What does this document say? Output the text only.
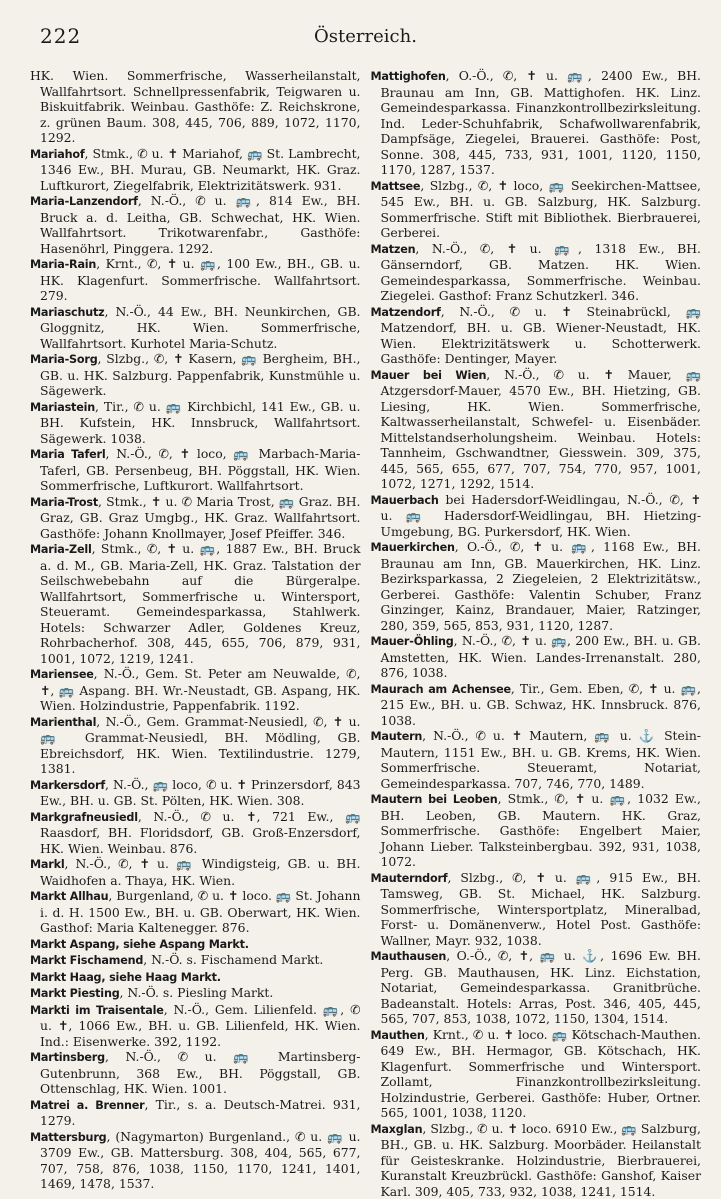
222	Österreich.

HK. Wien. Sommerfrische, Wasserheilanstalt, Wallfahrtsort. Schnellpressenfabrik, Teigwaren u. Biskuitfabrik. Weinbau. Gasthöfe: Z. Reichskrone, z. grünen Baum. 308, 445, 706, 889, 1072, 1170, 1292.

Mariahof, Stmk., ✆ u. ✝ Mariahof, 🚌 St. Lambrecht, 1346 Ew., BH. Murau, GB. Neumarkt, HK. Graz. Luftkurort, Ziegelfabrik, Elektrizitätswerk. 931.

Maria-Lanzendorf, N.-Ö., ✆ u. 🚌, 814 Ew., BH. Bruck a. d. Leitha, GB. Schwechat, HK. Wien. Wallfahrtsort. Trikotwarenfabr., Gasthöfe: Hasenöhrl, Pinggera. 1292.

Maria-Rain, Krnt., ✆, ✝ u. 🚌, 100 Ew., BH., GB. u. HK. Klagenfurt. Sommerfrische. Wallfahrtsort. 279.

Mariaschutz, N.-Ö., 44 Ew., BH. Neunkirchen, GB. Gloggnitz, HK. Wien. Sommerfrische, Wallfahrtsort. Kurhotel Maria-Schutz.

Maria-Sorg, Slzbg., ✆, ✝ Kasern, 🚌 Bergheim, BH., GB. u. HK. Salzburg. Pappenfabrik, Kunstmühle u. Sägewerk.

Mariastein, Tir., ✆ u. 🚌 Kirchbichl, 141 Ew., GB. u. BH. Kufstein, HK. Innsbruck, Wallfahrtsort. Sägewerk. 1038.

Maria Taferl, N.-Ö., ✆, ✝ loco, 🚌 Marbach-Maria-Taferl, GB. Persenbeug, BH. Pöggstall, HK. Wien. Sommerfrische, Luftkurort. Wallfahrtsort.

Maria-Trost, Stmk., ✝ u. ✆ Maria Trost, 🚌 Graz. BH. Graz, GB. Graz Umgbg., HK. Graz. Wallfahrtsort. Gasthöfe: Johann Knollmayer, Josef Pfeiffer. 346.

Maria-Zell, Stmk., ✆, ✝ u. 🚌, 1887 Ew., BH. Bruck a. d. M., GB. Maria-Zell, HK. Graz. Talstation der Seilschwebebahn auf die Bürgeralpe. Wallfahrtsort, Sommerfrische u. Wintersport, Steueramt. Gemeindesparkassa, Stahlwerk. Hotels: Schwarzer Adler, Goldenes Kreuz, Rohrbacherhof. 308, 445, 655, 706, 879, 931, 1001, 1072, 1219, 1241.

Mariensee, N.-Ö., Gem. St. Peter am Neuwalde, ✆, ✝, 🚌 Aspang. BH. Wr.-Neustadt, GB. Aspang, HK. Wien. Holzindustrie, Pappenfabrik. 1192.

Marienthal, N.-Ö., Gem. Grammat-Neusiedl, ✆, ✝ u. 🚌 Grammat-Neusiedl, BH. Mödling, GB. Ebreichsdorf, HK. Wien. Textilindustrie. 1279, 1381.

Markersdorf, N.-Ö., 🚌 loco, ✆ u. ✝ Prinzersdorf, 843 Ew., BH. u. GB. St. Pölten, HK. Wien. 308.

Markgrafneusiedl, N.-Ö., ✆ u. ✝, 721 Ew., 🚌 Raasdorf, BH. Floridsdorf, GB. Groß-Enzersdorf, HK. Wien. Weinbau. 876.

Markl, N.-Ö., ✆, ✝ u. 🚌 Windigsteig, GB. u. BH. Waidhofen a. Thaya, HK. Wien.

Markt Allhau, Burgenland, ✆ u. ✝ loco. 🚌 St. Johann i. d. H. 1500 Ew., BH. u. GB. Oberwart, HK. Wien. Gasthof: Maria Kaltenegger. 876.

Markt Aspang, siehe Aspang Markt.

Markt Fischamend, N.-Ö. s. Fischamend Markt.

Markt Haag, siehe Haag Markt.

Markt Piesting, N.-Ö. s. Piesling Markt.

Markti im Traisentale, N.-Ö., Gem. Lilienfeld. 🚌, ✆ u. ✝, 1066 Ew., BH. u. GB. Lilienfeld, HK. Wien. Ind.: Eisenwerke. 392, 1192.

Martinsberg, N.-Ö., ✆ u. 🚌 Martinsberg-Gutenbrunn, 368 Ew., BH. Pöggstall, GB. Ottenschlag, HK. Wien. 1001.

Matrei a. Brenner, Tir., s. a. Deutsch-Matrei. 931, 1279.

Mattersburg, (Nagymarton) Burgenland., ✆ u. 🚌 u. 3709 Ew., GB. Mattersburg. 308, 404, 565, 677, 707, 758, 876, 1038, 1150, 1170, 1241, 1401, 1469, 1478, 1537.

Mattighofen, O.-Ö., ✆, ✝ u. 🚌, 2400 Ew., BH. Braunau am Inn, GB. Mattighofen. HK. Linz. Gemeindesparkassa. Finanzkontrollbezirksleitung. Ind. Leder-Schuhfabrik, Schafwollwarenfabrik, Dampfsäge, Ziegelei, Brauerei. Gasthöfe: Post, Sonne. 308, 445, 733, 931, 1001, 1120, 1150, 1170, 1287, 1537.

Mattsee, Slzbg., ✆, ✝ loco, 🚌 Seekirchen-Mattsee, 545 Ew., BH. u. GB. Salzburg, HK. Salzburg. Sommerfrische. Stift mit Bibliothek. Bierbrauerei, Gerberei.

Matzen, N.-Ö., ✆, ✝ u. 🚌, 1318 Ew., BH. Gänserndorf, GB. Matzen. HK. Wien. Gemeindesparkassa, Sommerfrische. Weinbau. Ziegelei. Gasthof: Franz Schutzkerl. 346.

Matzendorf, N.-Ö., ✆ u. ✝ Steinabrückl, 🚌 Matzendorf, BH. u. GB. Wiener-Neustadt, HK. Wien. Elektrizitätswerk u. Schotterwerk. Gasthöfe: Dentinger, Mayer.

Mauer bei Wien, N.-Ö., ✆ u. ✝ Mauer, 🚌 Atzgersdorf-Mauer, 4570 Ew., BH. Hietzing, GB. Liesing, HK. Wien. Sommerfrische, Kaltwasserheilanstalt, Schwefel- u. Eisenbäder. Mittelstandserholungsheim. Weinbau. Hotels: Tannheim, Gschwandtner, Giesswein. 309, 375, 445, 565, 655, 677, 707, 754, 770, 957, 1001, 1072, 1271, 1292, 1514.

Mauerbach bei Hadersdorf-Weidlingau, N.-Ö., ✆, ✝ u. 🚌 Hadersdorf-Weidlingau, BH. Hietzing-Umgebung, BG. Purkersdorf, HK. Wien.

Mauerkirchen, O.-Ö., ✆, ✝ u. 🚌, 1168 Ew., BH. Braunau am Inn, GB. Mauerkirchen, HK. Linz. Bezirksparkassa, 2 Ziegeleien, 2 Elektrizitätsw., Gerberei. Gasthöfe: Valentin Schuber, Franz Ginzinger, Kainz, Brandauer, Maier, Ratzinger, 280, 359, 565, 853, 931, 1120, 1287.

Mauer-Öhling, N.-Ö., ✆, ✝ u. 🚌, 200 Ew., BH. u. GB. Amstetten, HK. Wien. Landes-Irrenanstalt. 280, 876, 1038.

Maurach am Achensee, Tir., Gem. Eben, ✆, ✝ u. 🚌, 215 Ew., BH. u. GB. Schwaz, HK. Innsbruck. 876, 1038.

Mautern, N.-Ö., ✆ u. ✝ Mautern, 🚌 u. ⚓ Stein-Mautern, 1151 Ew., BH. u. GB. Krems, HK. Wien. Sommerfrische. Steueramt, Notariat, Gemeindesparkassa. 707, 746, 770, 1489.

Mautern bei Leoben, Stmk., ✆, ✝ u. 🚌, 1032 Ew., BH. Leoben, GB. Mautern. HK. Graz, Sommerfrische. Gasthöfe: Engelbert Maier, Johann Lieber. Talksteinbergbau. 392, 931, 1038, 1072.

Mauterndorf, Slzbg., ✆, ✝ u. 🚌, 915 Ew., BH. Tamsweg, GB. St. Michael, HK. Salzburg. Sommerfrische, Wintersportplatz, Mineralbad, Forst- u. Domänenverw., Hotel Post. Gasthöfe: Wallner, Mayr. 932, 1038.

Mauthausen, O.-Ö., ✆, ✝, 🚌 u. ⚓, 1696 Ew. BH. Perg. GB. Mauthausen, HK. Linz. Eichstation, Notariat, Gemeindesparkassa. Granitbrüche. Badeanstalt. Hotels: Arras, Post. 346, 405, 445, 565, 707, 853, 1038, 1072, 1150, 1304, 1514.

Mauthen, Krnt., ✆ u. ✝ loco. 🚌 Kötschach-Mauthen. 649 Ew., BH. Hermagor, GB. Kötschach, HK. Klagenfurt. Sommerfrische und Wintersport. Zollamt, Finanzkontrollbezirksleitung. Holzindustrie, Gerberei. Gasthöfe: Huber, Ortner. 565, 1001, 1038, 1120.

Maxglan, Slzbg., ✆ u. ✝ loco. 6910 Ew., 🚌 Salzburg, BH., GB. u. HK. Salzburg. Moorbäder. Heilanstalt für Geisteskranke. Holzindustrie, Bierbrauerei, Kuranstalt Kreuzbrückl. Gasthöfe: Ganshof, Kaiser Karl. 309, 405, 733, 932, 1038, 1241, 1514.
